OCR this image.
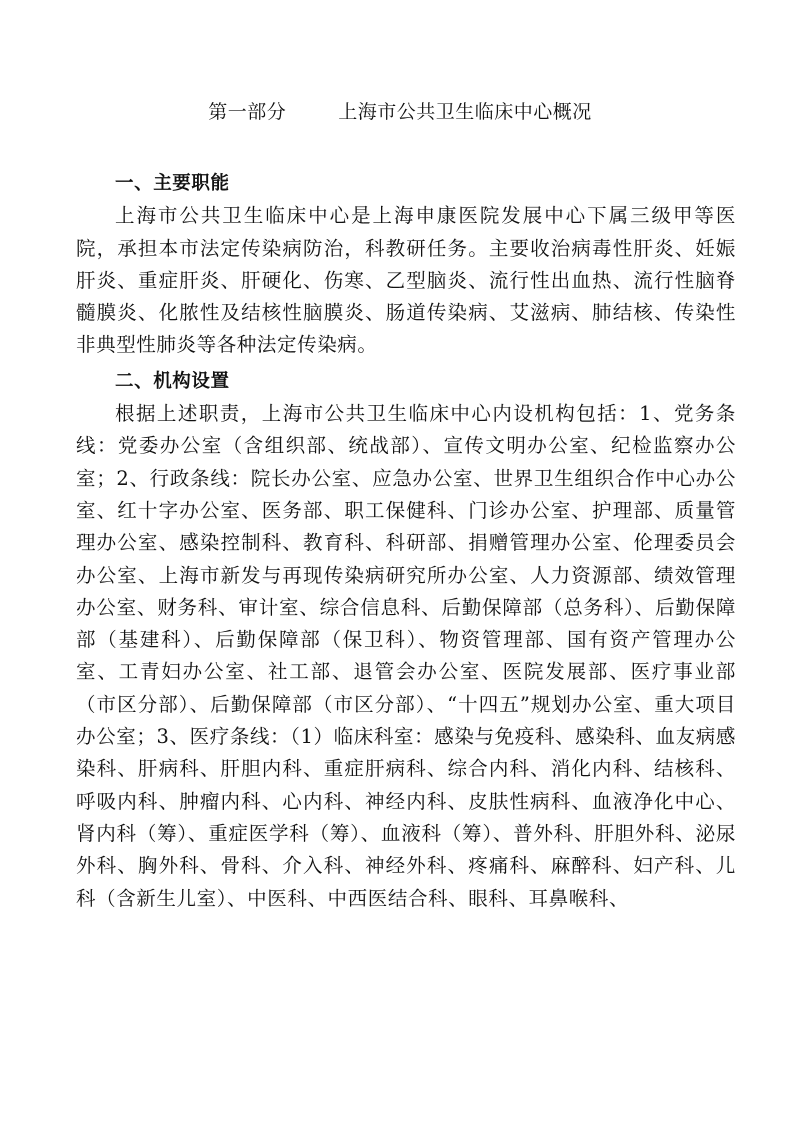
第一部分	上海市公共卫生临床中心概况

一、主要职能

上海市公共卫生临床中心是上海申康医院发展中心下属三级甲等医院，承担本市法定传染病防治，科教研任务。主要收治病毒性肝炎、妊娠肝炎、重症肝炎、肝硬化、伤寒、乙型脑炎、流行性出血热、流行性脑脊髓膜炎、化脓性及结核性脑膜炎、肠道传染病、艾滋病、肺结核、传染性非典型性肺炎等各种法定传染病。

二、机构设置

根据上述职责，上海市公共卫生临床中心内设机构包括：1、党务条线：党委办公室（含组织部、统战部）、宣传文明办公室、纪检监察办公室；2、行政条线：院长办公室、应急办公室、世界卫生组织合作中心办公室、红十字办公室、医务部、职工保健科、门诊办公室、护理部、质量管理办公室、感染控制科、教育科、科研部、捐赠管理办公室、伦理委员会办公室、上海市新发与再现传染病研究所办公室、人力资源部、绩效管理办公室、财务科、审计室、综合信息科、后勤保障部（总务科）、后勤保障部（基建科）、后勤保障部（保卫科）、物资管理部、国有资产管理办公室、工青妇办公室、社工部、退管会办公室、医院发展部、医疗事业部（市区分部）、后勤保障部（市区分部）、“十四五”规划办公室、重大项目办公室；3、医疗条线：（1）临床科室：感染与免疫科、感染科、血友病感染科、肝病科、肝胆内科、重症肝病科、综合内科、消化内科、结核科、呼吸内科、肿瘤内科、心内科、神经内科、皮肤性病科、血液净化中心、肾内科（筹）、重症医学科（筹）、血液科（筹）、普外科、肝胆外科、泌尿外科、胸外科、骨科、介入科、神经外科、疼痛科、麻醉科、妇产科、儿科（含新生儿室）、中医科、中西医结合科、眼科、耳鼻喉科、
